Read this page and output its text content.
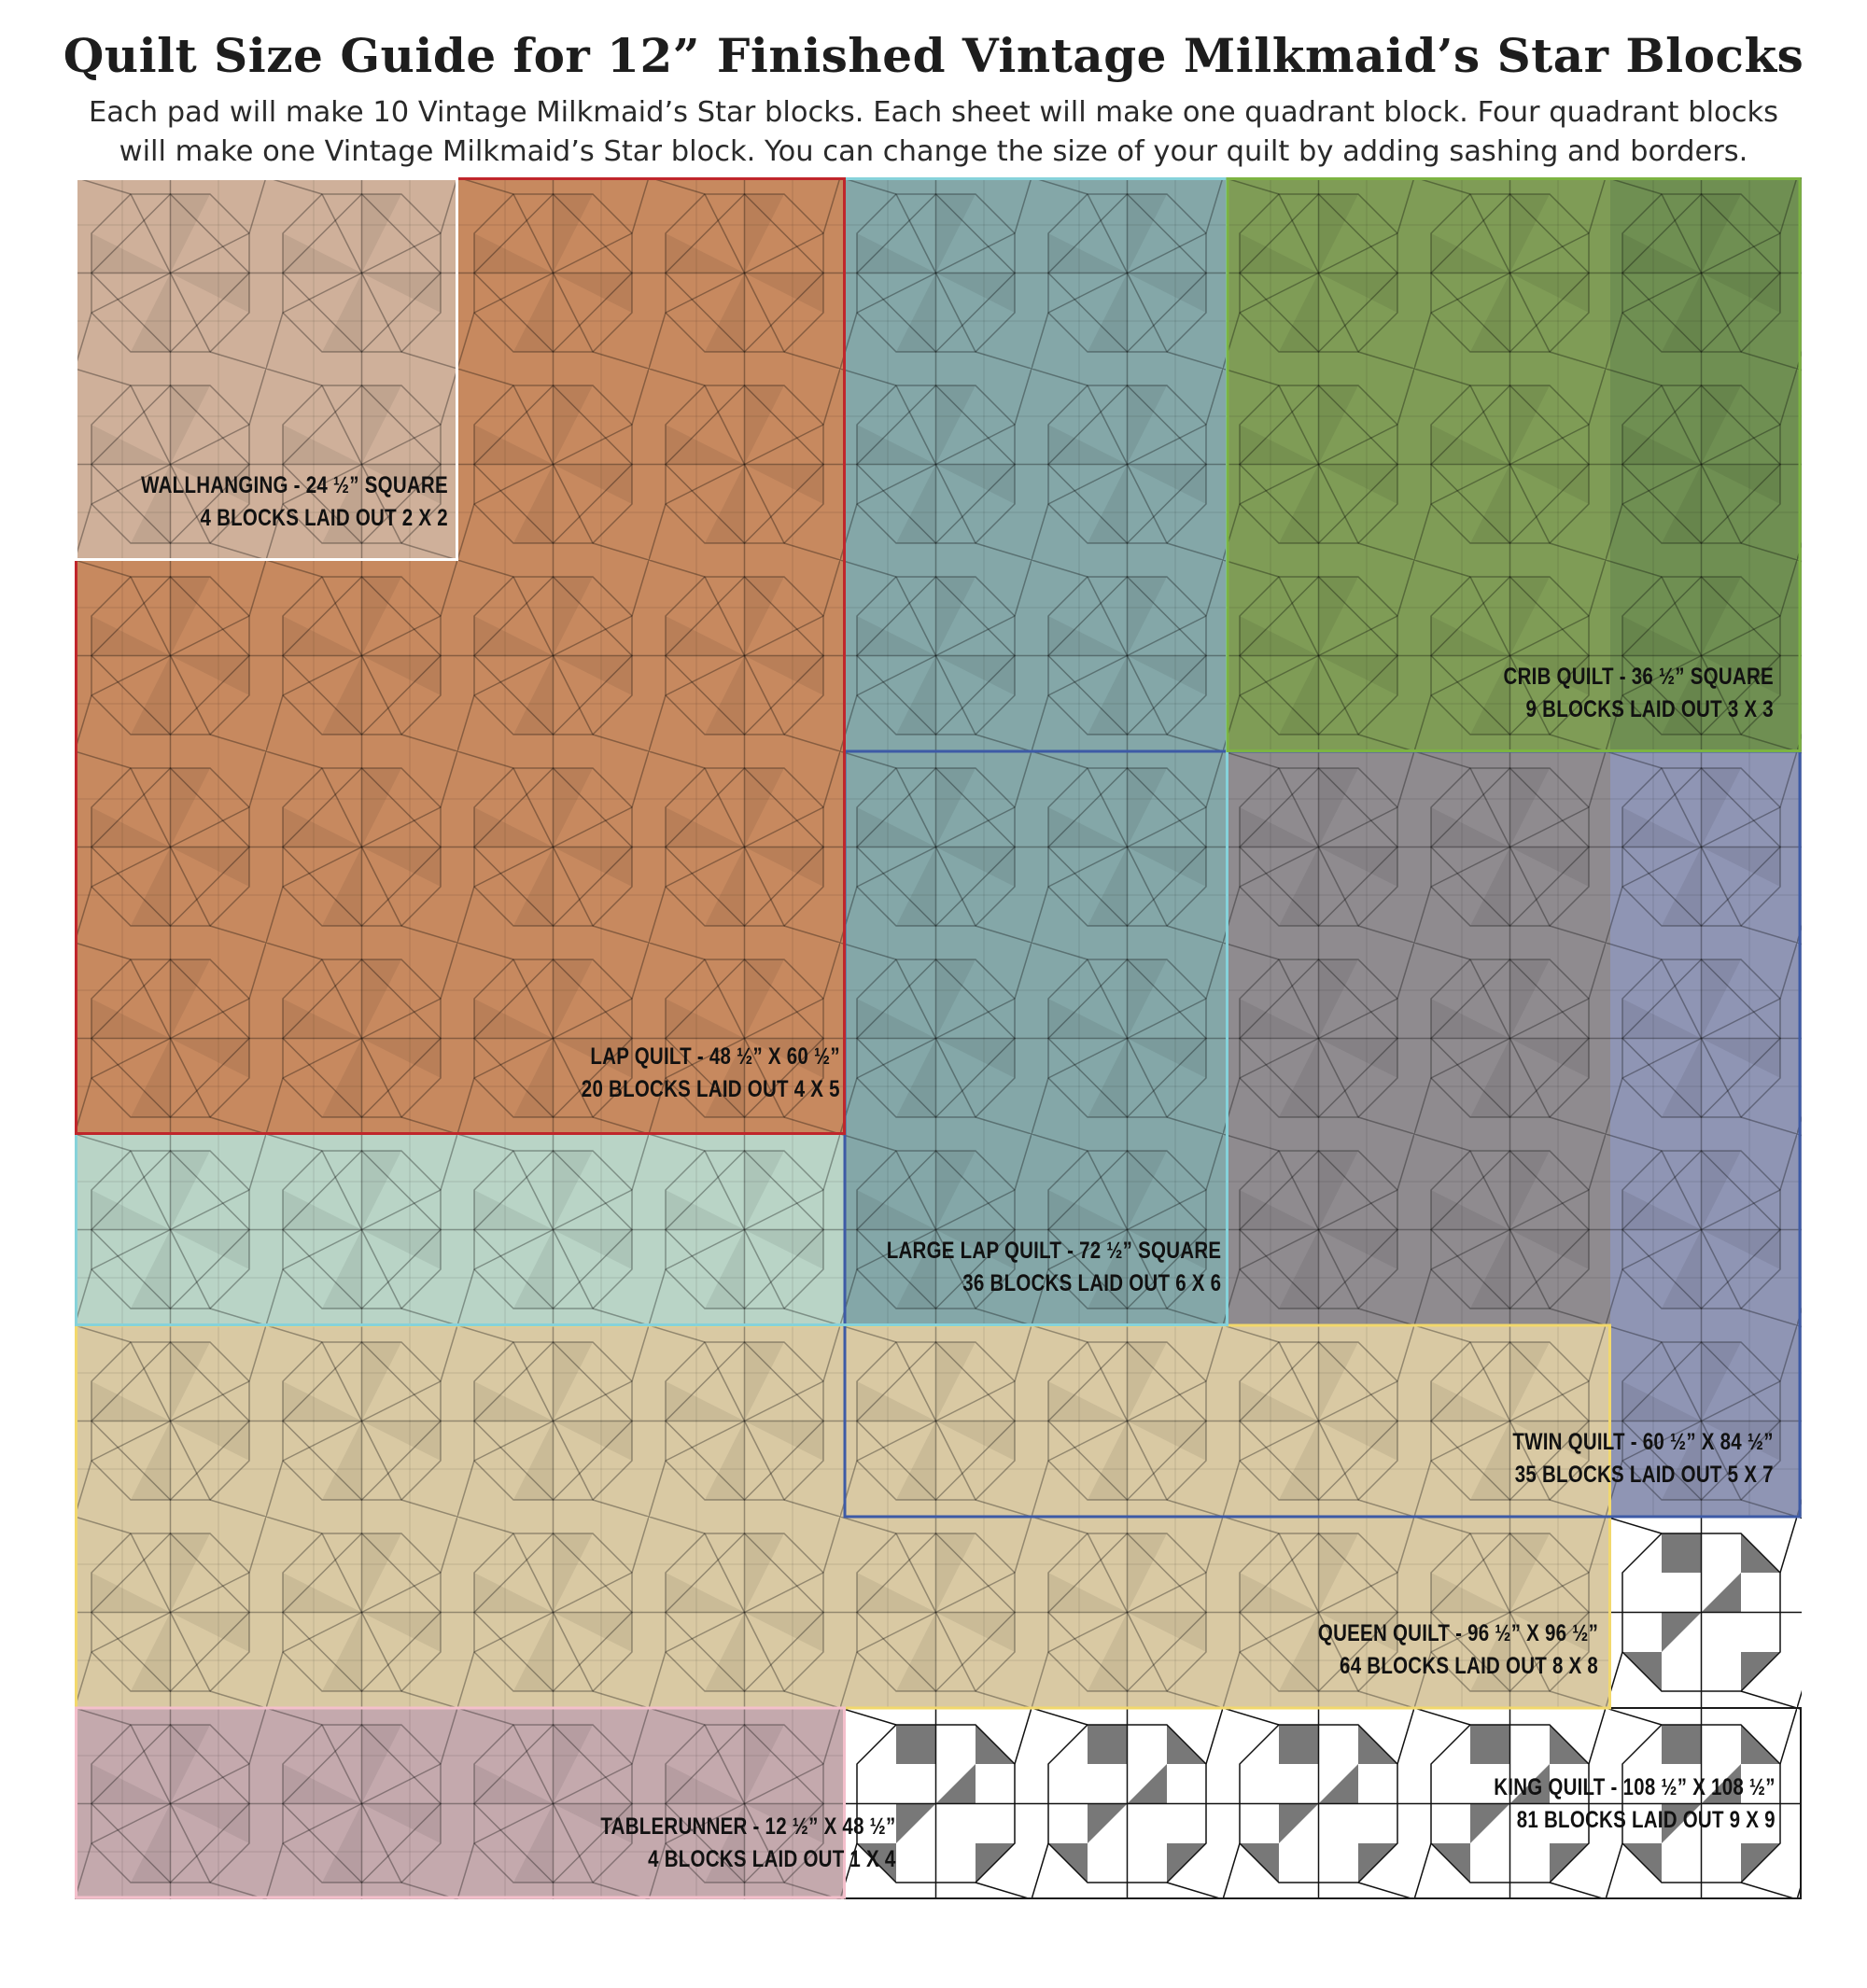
Quilt Size Guide for 12” Finished Vintage Milkmaid’s Star Blocks
Each pad will make 10 Vintage Milkmaid’s Star blocks. Each sheet will make one quadrant block. Four quadrant blocks
will make one Vintage Milkmaid’s Star block. You can change the size of your quilt by adding sashing and borders.
WALLHANGING - 24 ½” SQUARE
4 BLOCKS LAID OUT 2 X 2
CRIB QUILT - 36 ½” SQUARE
9 BLOCKS LAID OUT 3 X 3
LAP QUILT - 48 ½” X 60 ½”
20 BLOCKS LAID OUT 4 X 5
LARGE LAP QUILT - 72 ½” SQUARE
36 BLOCKS LAID OUT 6 X 6
TWIN QUILT - 60 ½” X 84 ½”
35 BLOCKS LAID OUT 5 X 7
QUEEN QUILT - 96 ½” X 96 ½”
64 BLOCKS LAID OUT 8 X 8
TABLERUNNER - 12 ½” X 48 ½”
4 BLOCKS LAID OUT 1 X 4
KING QUILT - 108 ½” X 108 ½”
81 BLOCKS LAID OUT 9 X 9
